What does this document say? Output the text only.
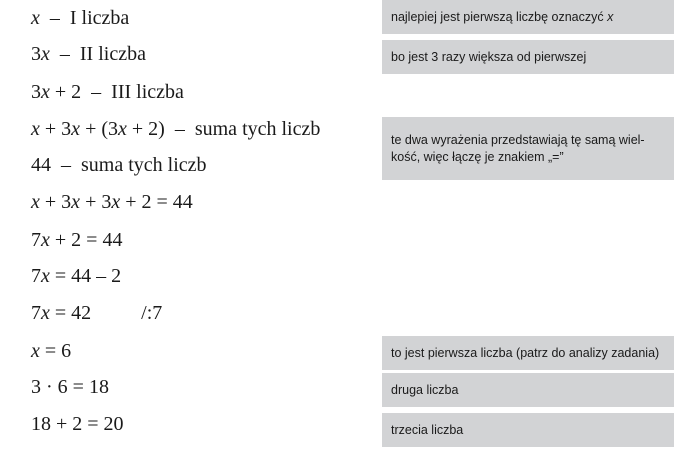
x  –  I liczba
3x  –  II liczba
3x + 2  –  III liczba
x + 3x + (3x + 2)  –  suma tych liczb
44  –  suma tych liczb
x + 3x + 3x + 2 = 44
7x + 2 = 44
7x = 44 – 2
7x = 42          /:7
x = 6
3 · 6 = 18
18 + 2 = 20
najlepiej jest pierwszą liczbę oznaczyć x
bo jest 3 razy większa od pierwszej
te dwa wyrażenia przedstawiają tę samą wiel-
kość, więc łączę je znakiem „=”
to jest pierwsza liczba (patrz do analizy zadania)
druga liczba
trzecia liczba
